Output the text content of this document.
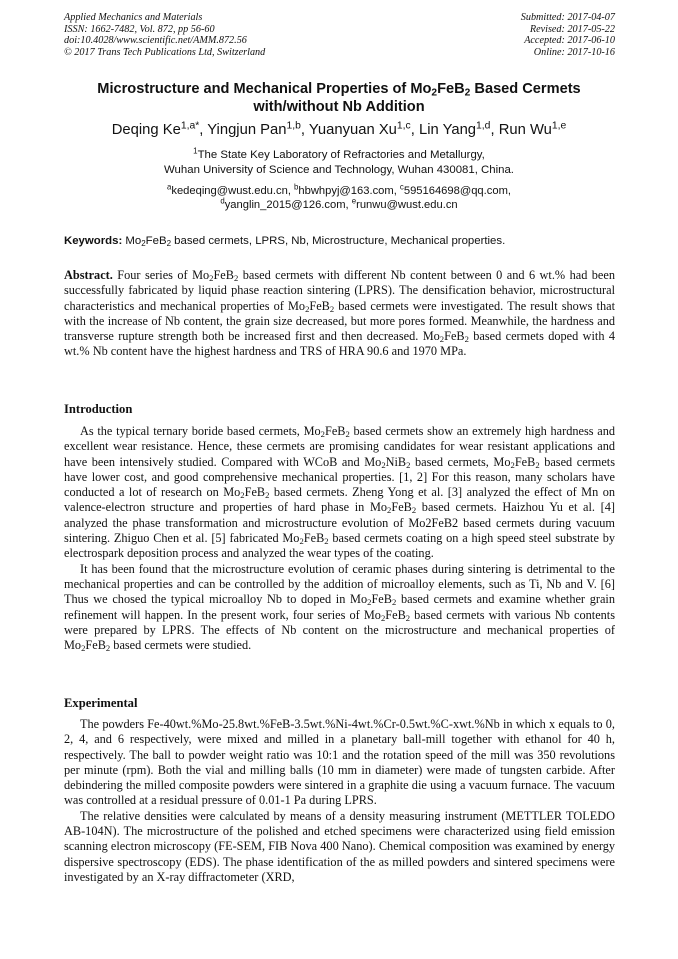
Applied Mechanics and Materials
ISSN: 1662-7482, Vol. 872, pp 56-60
doi:10.4028/www.scientific.net/AMM.872.56
© 2017 Trans Tech Publications Ltd, Switzerland
Submitted: 2017-04-07
Revised: 2017-05-22
Accepted: 2017-06-10
Online: 2017-10-16
Microstructure and Mechanical Properties of $Mo_2FeB_2$ Based Cermets
with/without Nb Addition
Deqing $Ke^{1,a*}$, Yingjun Pan$^{1,b}$, Yuanyuan Xu$^{1,c}$, Lin Yang$^{1,d}$, Run Wu$^{1,e}$
$^1$The State Key Laboratory of Refractories and Metallurgy,
Wuhan University of Science and Technology, Wuhan 430081, China.
$^a$kedeqing@wust.edu.cn, $^b$hbwhpyj@163.com, $^c$595164698@qq.com,
$^d$yanglin_2015@126.com, $^e$runwu@wust.edu.cn
Keywords: $Mo_2FeB_2$ based cermets, LPRS, Nb, Microstructure, Mechanical properties.

Abstract. Four series of $Mo_2FeB_2$ based cermets with different Nb content between 0 and 6 wt.% had been successfully fabricated by liquid phase reaction sintering (LPRS). The densification behavior, microstructural characteristics and mechanical properties of $Mo_2FeB_2$ based cermets were investigated. The result shows that with the increase of Nb content, the grain size decreased, but more pores formed. Meanwhile, the hardness and transverse rupture strength both be increased first and then decreased. $Mo_2FeB_2$ based cermets doped with 4 wt.% Nb content have the highest hardness and TRS of HRA 90.6 and 1970 MPa.

Introduction

As the typical ternary boride based cermets, $Mo_2FeB_2$ based cermets show an extremely high hardness and excellent wear resistance. Hence, these cermets are promising candidates for wear resistant applications and have been intensively studied. Compared with WCoB and $Mo_2NiB_2$ based cermets, $Mo_2FeB_2$ based cermets have lower cost, and good comprehensive mechanical properties. [1, 2] For this reason, many scholars have conducted a lot of research on $Mo_2FeB_2$ based cermets. Zheng Yong et al. [3] analyzed the effect of Mn on valence-electron structure and properties of hard phase in $Mo_2FeB_2$ based cermets. Haizhou Yu et al. [4] analyzed the phase transformation and microstructure evolution of Mo2FeB2 based cermets during vacuum sintering. Zhiguo Chen et al. [5] fabricated $Mo_2FeB_2$ based cermets coating on a high speed steel substrate by electrospark deposition process and analyzed the wear types of the coating.

It has been found that the microstructure evolution of ceramic phases during sintering is detrimental to the mechanical properties and can be controlled by the addition of microalloy elements, such as Ti, Nb and V. [6] Thus we chosed the typical microalloy Nb to doped in $Mo_2FeB_2$ based cermets and examine whether grain refinement will happen. In the present work, four series of $Mo_2FeB_2$ based cermets with various Nb contents were prepared by LPRS. The effects of Nb content on the microstructure and mechanical properties of $Mo_2FeB_2$ based cermets were studied.

Experimental

The powders Fe-40wt.%Mo-25.8wt.%FeB-3.5wt.%Ni-4wt.%Cr-0.5wt.%C-xwt.%Nb in which x equals to 0, 2, 4, and 6 respectively, were mixed and milled in a planetary ball-mill together with ethanol for 40 h, respectively. The ball to powder weight ratio was 10:1 and the rotation speed of the mill was 350 revolutions per minute (rpm). Both the vial and milling balls (10 mm in diameter) were made of tungsten carbide. After debindering the milled composite powders were sintered in a graphite die using a vacuum furnace. The vacuum was controlled at a residual pressure of 0.01-1 Pa during LPRS.

The relative densities were calculated by means of a density measuring instrument (METTLER TOLEDO AB-104N). The microstructure of the polished and etched specimens were characterized using field emission scanning electron microscopy (FE-SEM, FIB Nova 400 Nano). Chemical composition was examined by energy dispersive spectroscopy (EDS). The phase identification of the as milled powders and sintered specimens were investigated by an X-ray diffractometer (XRD,
